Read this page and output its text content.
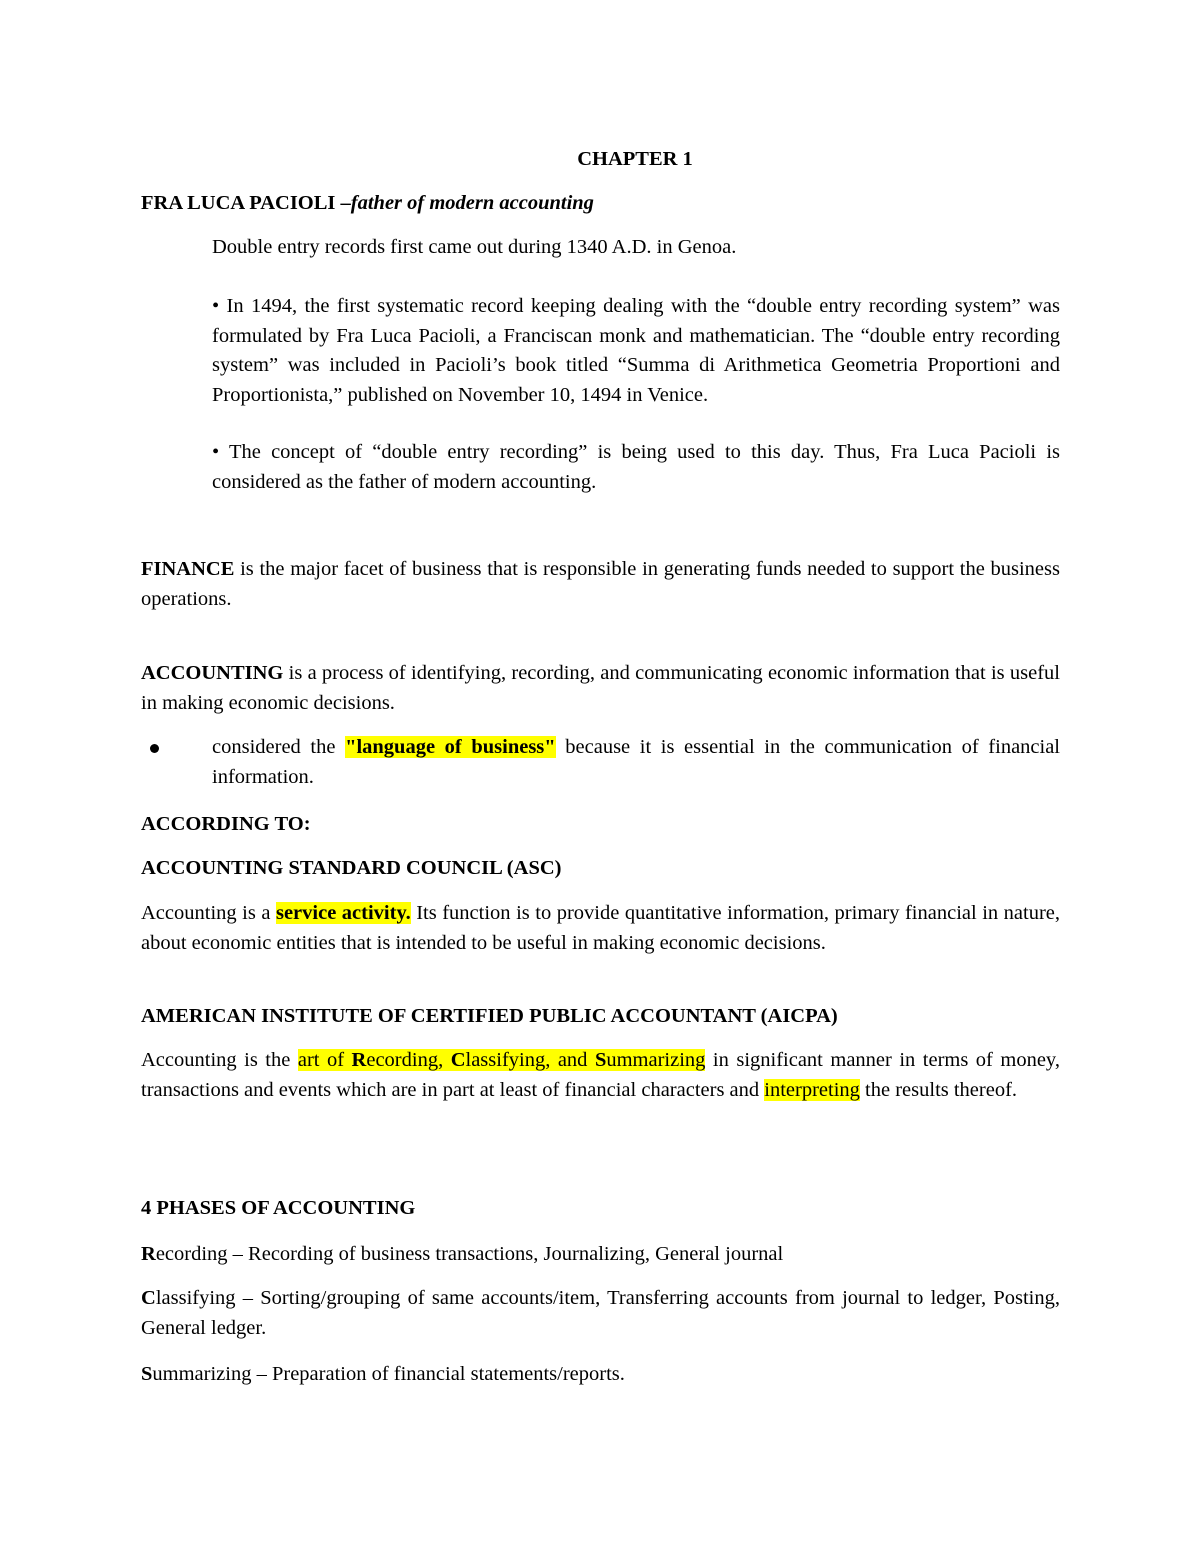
CHAPTER 1

FRA LUCA PACIOLI –father of modern accounting

Double entry records first came out during 1340 A.D. in Genoa.

• In 1494, the first systematic record keeping dealing with the “double entry recording system” was formulated by Fra Luca Pacioli, a Franciscan monk and mathematician. The “double entry recording system” was included in Pacioli’s book titled “Summa di Arithmetica Geometria Proportioni and Proportionista,” published on November 10, 1494 in Venice.

• The concept of “double entry recording” is being used to this day. Thus, Fra Luca Pacioli is considered as the father of modern accounting.

FINANCE is the major facet of business that is responsible in generating funds needed to support the business operations.

ACCOUNTING is a process of identifying, recording, and communicating economic information that is useful in making economic decisions.

considered the "language of business" because it is essential in the communication of financial information.

ACCORDING TO:

ACCOUNTING STANDARD COUNCIL (ASC)

Accounting is a service activity. Its function is to provide quantitative information, primary financial in nature, about economic entities that is intended to be useful in making economic decisions.

AMERICAN INSTITUTE OF CERTIFIED PUBLIC ACCOUNTANT (AICPA)

Accounting is the art of Recording, Classifying, and Summarizing in significant manner in terms of money, transactions and events which are in part at least of financial characters and interpreting the results thereof.

4 PHASES OF ACCOUNTING

Recording – Recording of business transactions, Journalizing, General journal

Classifying – Sorting/grouping of same accounts/item, Transferring accounts from journal to ledger, Posting, General ledger.

Summarizing – Preparation of financial statements/reports.
